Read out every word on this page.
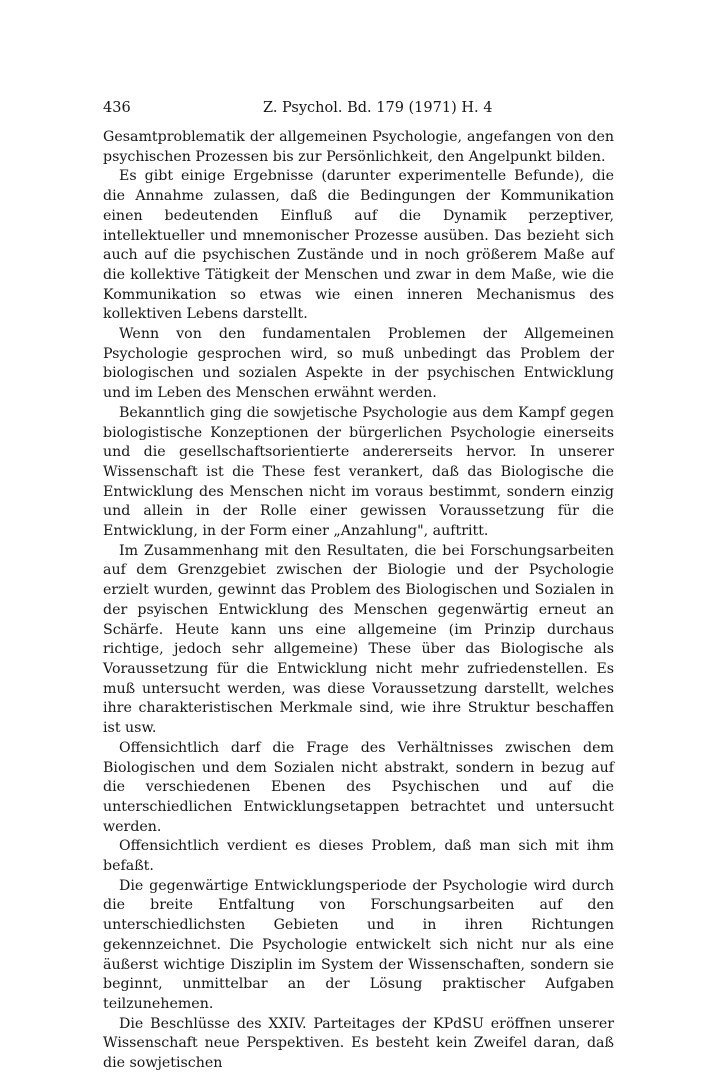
436	Z. Psychol. Bd. 179 (1971) H. 4

Gesamtproblematik der allgemeinen Psychologie, angefangen von den psychischen Prozessen bis zur Persönlichkeit, den Angelpunkt bilden.

Es gibt einige Ergebnisse (darunter experimentelle Befunde), die die Annahme zulassen, daß die Bedingungen der Kommunikation einen bedeutenden Einfluß auf die Dynamik perzeptiver, intellektueller und mnemonischer Prozesse ausüben. Das bezieht sich auch auf die psychischen Zustände und in noch größerem Maße auf die kollektive Tätigkeit der Menschen und zwar in dem Maße, wie die Kommunikation so etwas wie einen inneren Mechanismus des kollektiven Lebens darstellt.

Wenn von den fundamentalen Problemen der Allgemeinen Psychologie gesprochen wird, so muß unbedingt das Problem der biologischen und sozialen Aspekte in der psychischen Entwicklung und im Leben des Menschen erwähnt werden.

Bekanntlich ging die sowjetische Psychologie aus dem Kampf gegen biologistische Konzeptionen der bürgerlichen Psychologie einerseits und die gesellschaftsorientierte andererseits hervor. In unserer Wissenschaft ist die These fest verankert, daß das Biologische die Entwicklung des Menschen nicht im voraus bestimmt, sondern einzig und allein in der Rolle einer gewissen Voraussetzung für die Entwicklung, in der Form einer „Anzahlung", auftritt.

Im Zusammenhang mit den Resultaten, die bei Forschungsarbeiten auf dem Grenzgebiet zwischen der Biologie und der Psychologie erzielt wurden, gewinnt das Problem des Biologischen und Sozialen in der psyischen Entwicklung des Menschen gegenwärtig erneut an Schärfe. Heute kann uns eine allgemeine (im Prinzip durchaus richtige, jedoch sehr allgemeine) These über das Biologische als Voraussetzung für die Entwicklung nicht mehr zufriedenstellen. Es muß untersucht werden, was diese Voraussetzung darstellt, welches ihre charakteristischen Merkmale sind, wie ihre Struktur beschaffen ist usw.

Offensichtlich darf die Frage des Verhältnisses zwischen dem Biologischen und dem Sozialen nicht abstrakt, sondern in bezug auf die verschiedenen Ebenen des Psychischen und auf die unterschiedlichen Entwicklungsetappen betrachtet und untersucht werden.

Offensichtlich verdient es dieses Problem, daß man sich mit ihm befaßt.

Die gegenwärtige Entwicklungsperiode der Psychologie wird durch die breite Entfaltung von Forschungsarbeiten auf den unterschiedlichsten Gebieten und in ihren Richtungen gekennzeichnet. Die Psychologie entwickelt sich nicht nur als eine äußerst wichtige Disziplin im System der Wissenschaften, sondern sie beginnt, unmittelbar an der Lösung praktischer Aufgaben teilzunehemen.

Die Beschlüsse des XXIV. Parteitages der KPdSU eröffnen unserer Wissenschaft neue Perspektiven. Es besteht kein Zweifel daran, daß die sowjetischen
